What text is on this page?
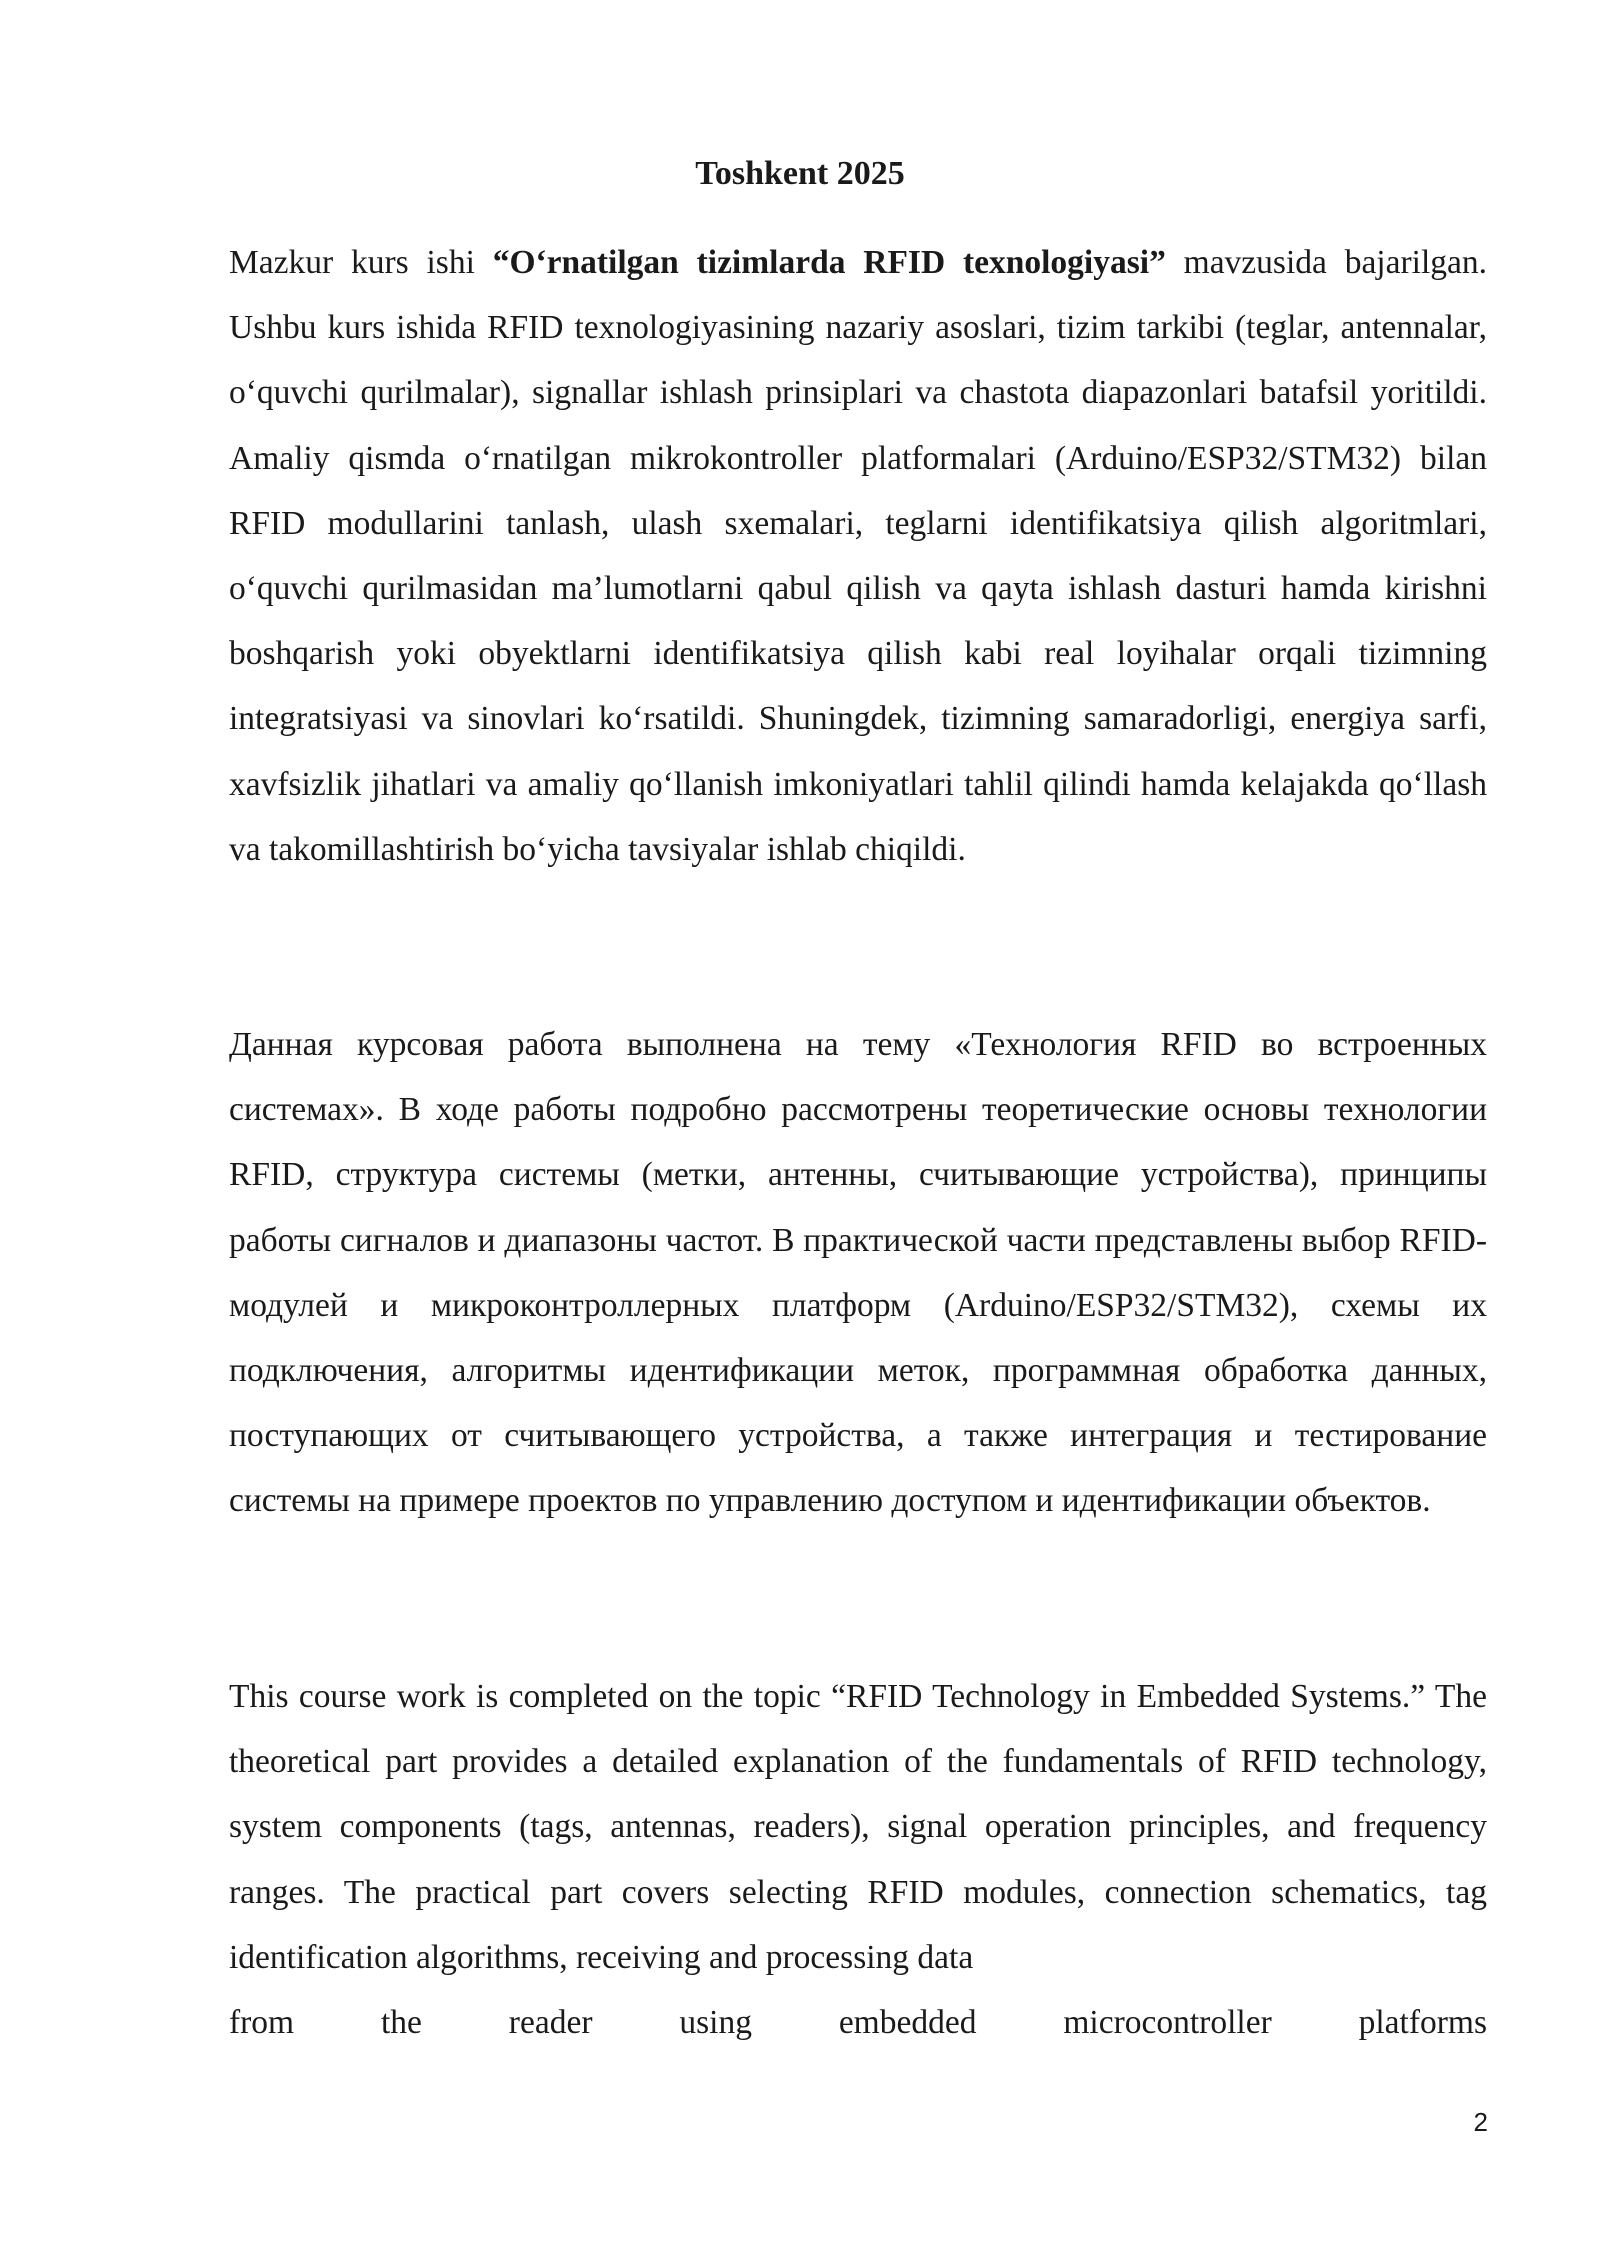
Toshkent 2025

Mazkur kurs ishi “O‘rnatilgan tizimlarda RFID texnologiyasi” mavzusida bajarilgan. Ushbu kurs ishida RFID texnologiyasining nazariy asoslari, tizim tarkibi (teglar, antennalar, o‘quvchi qurilmalar), signallar ishlash prinsiplari va chastota diapazonlari batafsil yoritildi. Amaliy qismda o‘rnatilgan mikrokontroller platformalari (Arduino/ESP32/STM32) bilan RFID modullarini tanlash, ulash sxemalari, teglarni identifikatsiya qilish algoritmlari, o‘quvchi qurilmasidan ma’lumotlarni qabul qilish va qayta ishlash dasturi hamda kirishni boshqarish yoki obyektlarni identifikatsiya qilish kabi real loyihalar orqali tizimning integratsiyasi va sinovlari ko‘rsatildi. Shuningdek, tizimning samaradorligi, energiya sarfi, xavfsizlik jihatlari va amaliy qo‘llanish imkoniyatlari tahlil qilindi hamda kelajakda qo‘llash va takomillashtirish bo‘yicha tavsiyalar ishlab chiqildi.

Данная курсовая работа выполнена на тему «Технология RFID во встроенных системах». В ходе работы подробно рассмотрены теоретические основы технологии RFID, структура системы (метки, антенны, считывающие устройства), принципы работы сигналов и диапазоны частот. В практической части представлены выбор RFID-модулей и микроконтроллерных платформ (Arduino/ESP32/STM32), схемы их подключения, алгоритмы идентификации меток, программная обработка данных, поступающих от считывающего устройства, а также интеграция и тестирование системы на примере проектов по управлению доступом и идентификации объектов.

This course work is completed on the topic “RFID Technology in Embedded Systems.” The theoretical part provides a detailed explanation of the fundamentals of RFID technology, system components (tags, antennas, readers), signal operation principles, and frequency ranges. The practical part covers selecting RFID modules, connection schematics, tag identification algorithms, receiving and processing data
from the reader using embedded microcontroller platforms

2
